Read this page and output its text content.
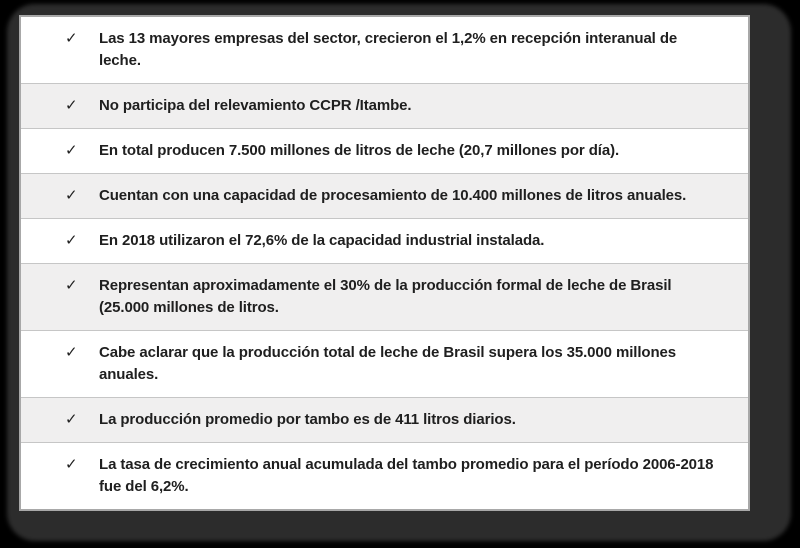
✓	Las 13 mayores empresas del sector, crecieron el 1,2% en recepción interanual de leche.
✓	No participa del relevamiento CCPR /Itambe.
✓	En total producen 7.500 millones de litros de leche (20,7 millones por día).
✓	Cuentan con una capacidad de procesamiento de 10.400 millones de litros anuales.
✓	En 2018 utilizaron el 72,6% de la capacidad industrial instalada.
✓	Representan aproximadamente el 30% de la producción formal de leche de Brasil (25.000 millones de litros.
✓	Cabe aclarar que la producción total de leche de Brasil supera los 35.000 millones anuales.
✓	La producción promedio por tambo es de 411 litros diarios.
✓	La tasa de crecimiento anual acumulada del tambo promedio para el período 2006-2018 fue del 6,2%.
